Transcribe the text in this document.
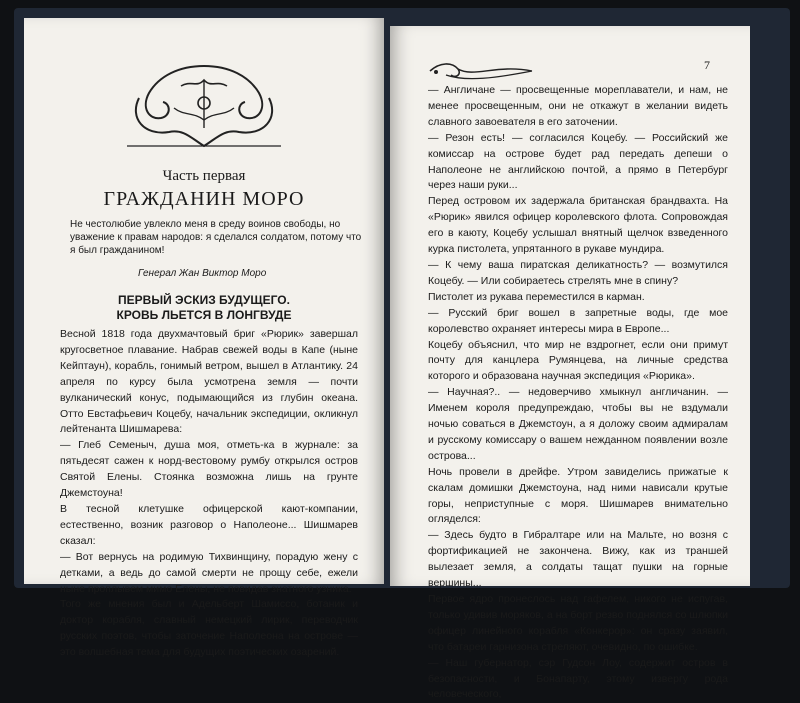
Часть первая
ГРАЖДАНИН МОРО
Не честолюбие увлекло меня в среду воинов свободы, но уважение к правам народов: я сделался солдатом, потому что я был гражданином!
Генерал Жан Виктор Моро
ПЕРВЫЙ ЭСКИЗ БУДУЩЕГО.
КРОВЬ ЛЬЕТСЯ В ЛОНГВУДЕ

Весной 1818 года двухмачтовый бриг «Рюрик» завершал кругосветное плавание. Набрав свежей воды в Капе (ныне Кейптаун), корабль, гонимый ветром, вышел в Атлантику. 24 апреля по курсу была усмотрена земля — почти вулканический конус, подымающийся из глубин океана. Отто Евстафьевич Коцебу, начальник экспедиции, окликнул лейтенанта Шишмарева:

— Глеб Семеныч, душа моя, отметь-ка в журнале: за пятьдесят сажен к норд-вестовому румбу открылся остров Святой Елены. Стоянка возможна лишь на грунте Джемстоуна!

В тесной клетушке офицерской кают-компании, естественно, возник разговор о Наполеоне... Шишмарев сказал:

— Вот вернусь на родимую Тихвинщину, порадую жену с детками, а ведь до самой смерти не прощу себе, ежели ныне проплывем мимо Елены, не повидав знатного узника.

Того же мнения был и Адельберт Шамиссо, ботаник и доктор корабля, славный немецкий лирик, переводчик русских поэтов, чтобы заточение Наполеона на острове — это волшебная тема для будущих поэтических озарений.

7

— Англичане — просвещенные мореплаватели, и нам, не менее просвещенным, они не откажут в желании видеть славного завоевателя в его заточении.

— Резон есть! — согласился Коцебу. — Российский же комиссар на острове будет рад передать депеши о Наполеоне не английскою почтой, а прямо в Петербург через наши руки...

Перед островом их задержала британская брандвахта. На «Рюрик» явился офицер королевского флота. Сопровождая его в каюту, Коцебу услышал внятный щелчок взведенного курка пистолета, упрятанного в рукаве мундира.

— К чему ваша пиратская деликатность? — возмутился Коцебу. — Или собираетесь стрелять мне в спину?

Пистолет из рукава переместился в карман.

— Русский бриг вошел в запретные воды, где мое королевство охраняет интересы мира в Европе...

Коцебу объяснил, что мир не вздрогнет, если они примут почту для канцлера Румянцева, на личные средства которого и образована научная экспедиция «Рюрика».

— Научная?.. — недоверчиво хмыкнул англичанин. — Именем короля предупреждаю, чтобы вы не вздумали ночью соваться в Джемстоун, а я доложу своим адмиралам и русскому комиссару о вашем нежданном появлении возле острова...

Ночь провели в дрейфе. Утром завиделись прижатые к скалам домишки Джемстоуна, над ними нависали крутые горы, неприступные с моря. Шишмарев внимательно огляделся:

— Здесь будто в Гибралтаре или на Мальте, но возня с фортификацией не закончена. Вижу, как из траншей вылезает земля, а солдаты тащат пушки на горные вершины...

Первое ядро пронеслось над гафелем, никого не испугав, только удивив моряков, а на борт резво поднялся со шлюпки офицер линейного корабля «Конкерор»: он сразу заявил, что батареи гарнизона стреляют, очевидно, по ошибке.

— Наш губернатор, сэр Гудсон Лоу, содержит остров в безопасности, и Бонапарту, этому извергу рода человеческого,
